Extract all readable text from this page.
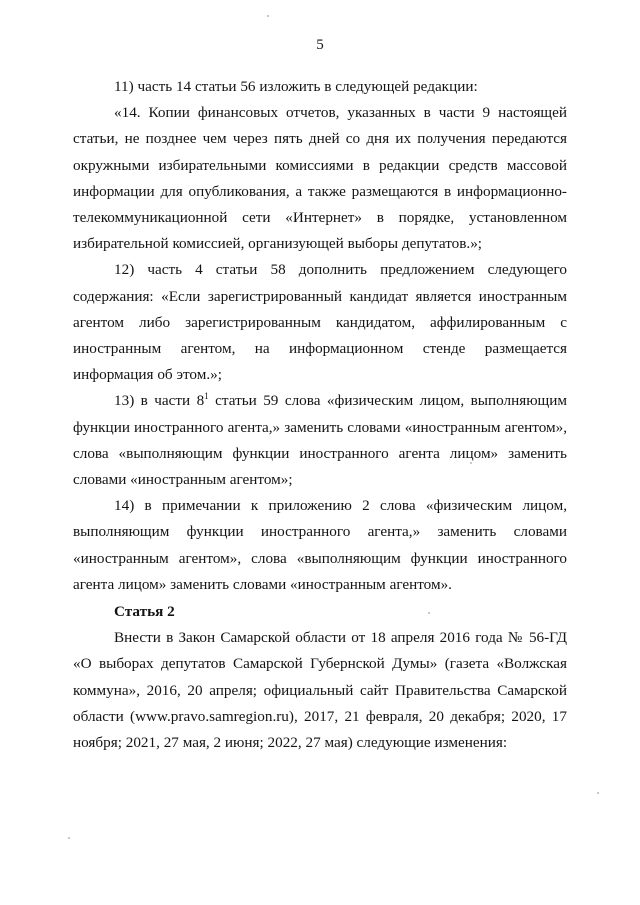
5

11) часть 14 статьи 56 изложить в следующей редакции:

«14. Копии финансовых отчетов, указанных в части 9 настоящей статьи, не позднее чем через пять дней со дня их получения передаются окружными избирательными комиссиями в редакции средств массовой информации для опубликования, а также размещаются в информационно-телекоммуникационной сети «Интернет» в порядке, установленном избирательной комиссией, организующей выборы депутатов.»;

12) часть 4 статьи 58 дополнить предложением следующего содержания: «Если зарегистрированный кандидат является иностранным агентом либо зарегистрированным кандидатом, аффилированным с иностранным агентом, на информационном стенде размещается информация об этом.»;

13) в части $8^1$ статьи 59 слова «физическим лицом, выполняющим функции иностранного агента,» заменить словами «иностранным агентом», слова «выполняющим функции иностранного агента лицом» заменить словами «иностранным агентом»;

14) в примечании к приложению 2 слова «физическим лицом, выполняющим функции иностранного агента,» заменить словами «иностранным агентом», слова «выполняющим функции иностранного агента лицом» заменить словами «иностранным агентом».

Статья 2

Внести в Закон Самарской области от 18 апреля 2016 года № 56-ГД «О выборах депутатов Самарской Губернской Думы» (газета «Волжская коммуна», 2016, 20 апреля; официальный сайт Правительства Самарской области (www.pravo.samregion.ru), 2017, 21 февраля, 20 декабря; 2020, 17 ноября; 2021, 27 мая, 2 июня; 2022, 27 мая) следующие изменения:
